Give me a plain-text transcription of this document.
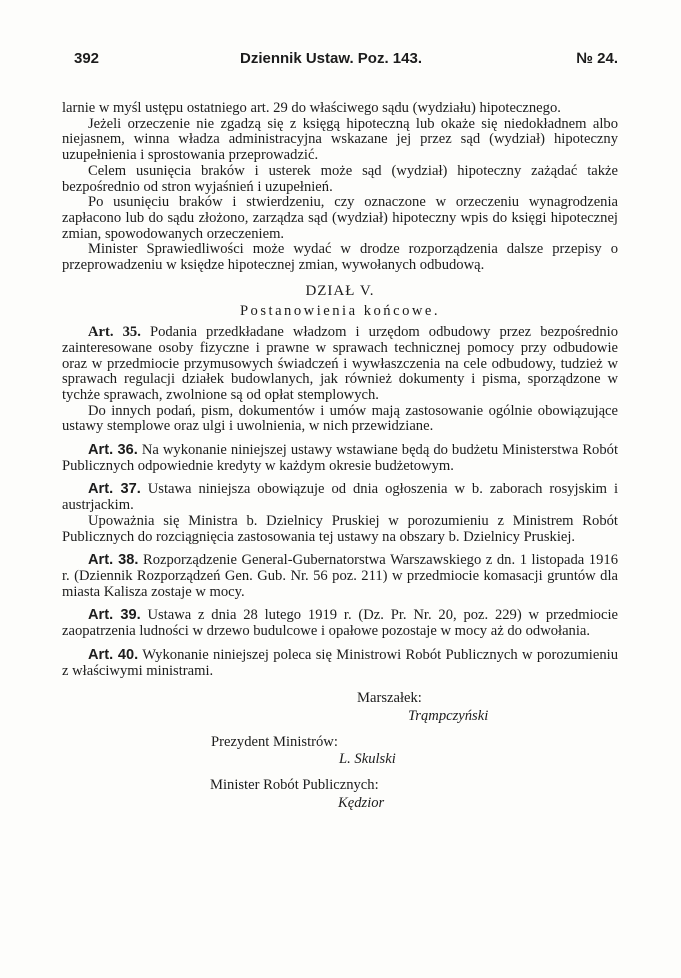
392	Dziennik Ustaw. Poz. 143.	№ 24.

larnie w myśl ustępu ostatniego art. 29 do właściwego sądu (wydziału) hipotecznego.

Jeżeli orzeczenie nie zgadzą się z księgą hipoteczną lub okaże się niedokładnem albo niejasnem, winna władza administracyjna wskazane jej przez sąd (wydział) hipoteczny uzupełnienia i sprostowania przeprowadzić.

Celem usunięcia braków i usterek może sąd (wydział) hipoteczny zażądać także bezpośrednio od stron wyjaśnień i uzupełnień.

Po usunięciu braków i stwierdzeniu, czy oznaczone w orzeczeniu wynagrodzenia zapłacono lub do sądu złożono, zarządza sąd (wydział) hipoteczny wpis do księgi hipotecznej zmian, spowodowanych orzeczeniem.

Minister Sprawiedliwości może wydać w drodze rozporządzenia dalsze przepisy o przeprowadzeniu w księdze hipotecznej zmian, wywołanych odbudową.

DZIAŁ V.

Postanowienia końcowe.

Art. 35. Podania przedkładane władzom i urzędom odbudowy przez bezpośrednio zainteresowane osoby fizyczne i prawne w sprawach technicznej pomocy przy odbudowie oraz w przedmiocie przymusowych świadczeń i wywłaszczenia na cele odbudowy, tudzież w sprawach regulacji działek budowlanych, jak również dokumenty i pisma, sporządzone w tychże sprawach, zwolnione są od opłat stemplowych.

Do innych podań, pism, dokumentów i umów mają zastosowanie ogólnie obowiązujące ustawy stemplowe oraz ulgi i uwolnienia, w nich przewidziane.

Art. 36. Na wykonanie niniejszej ustawy wstawiane będą do budżetu Ministerstwa Robót Publicznych odpowiednie kredyty w każdym okresie budżetowym.

Art. 37. Ustawa niniejsza obowiązuje od dnia ogłoszenia w b. zaborach rosyjskim i austrjackim.

Upoważnia się Ministra b. Dzielnicy Pruskiej w porozumieniu z Ministrem Robót Publicznych do rozciągnięcia zastosowania tej ustawy na obszary b. Dzielnicy Pruskiej.

Art. 38. Rozporządzenie General-Gubernatorstwa Warszawskiego z dn. 1 listopada 1916 r. (Dziennik Rozporządzeń Gen. Gub. Nr. 56 poz. 211) w przedmiocie komasacji gruntów dla miasta Kalisza zostaje w mocy.

Art. 39. Ustawa z dnia 28 lutego 1919 r. (Dz. Pr. Nr. 20, poz. 229) w przedmiocie zaopatrzenia ludności w drzewo budulcowe i opałowe pozostaje w mocy aż do odwołania.

Art. 40. Wykonanie niniejszej poleca się Ministrowi Robót Publicznych w porozumieniu z właściwymi ministrami.

Marszałek:

Trąmpczyński

Prezydent Ministrów:

L. Skulski

Minister Robót Publicznych:

Kędzior
